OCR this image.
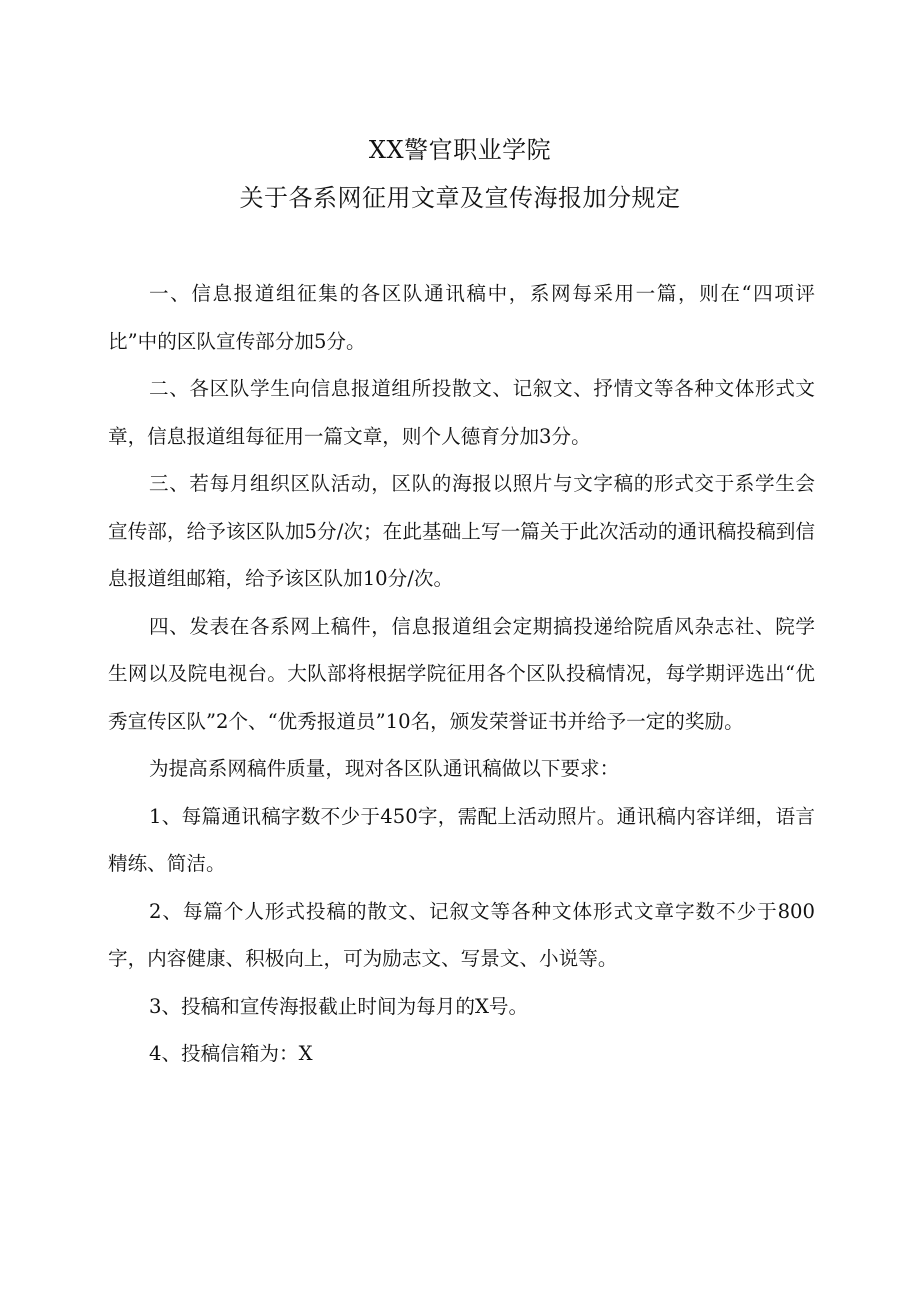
XX警官职业学院
关于各系网征用文章及宣传海报加分规定

一、信息报道组征集的各区队通讯稿中，系网每采用一篇，则在“四项评比”中的区队宣传部分加5分。

二、各区队学生向信息报道组所投散文、记叙文、抒情文等各种文体形式文章，信息报道组每征用一篇文章，则个人德育分加3分。

三、若每月组织区队活动，区队的海报以照片与文字稿的形式交于系学生会宣传部，给予该区队加5分/次；在此基础上写一篇关于此次活动的通讯稿投稿到信息报道组邮箱，给予该区队加10分/次。

四、发表在各系网上稿件，信息报道组会定期搞投递给院盾风杂志社、院学生网以及院电视台。大队部将根据学院征用各个区队投稿情况，每学期评选出“优秀宣传区队”2个、“优秀报道员”10名，颁发荣誉证书并给予一定的奖励。

为提高系网稿件质量，现对各区队通讯稿做以下要求：

1、每篇通讯稿字数不少于450字，需配上活动照片。通讯稿内容详细，语言精练、简洁。

2、每篇个人形式投稿的散文、记叙文等各种文体形式文章字数不少于800字，内容健康、积极向上，可为励志文、写景文、小说等。

3、投稿和宣传海报截止时间为每月的X号。

4、投稿信箱为：X
